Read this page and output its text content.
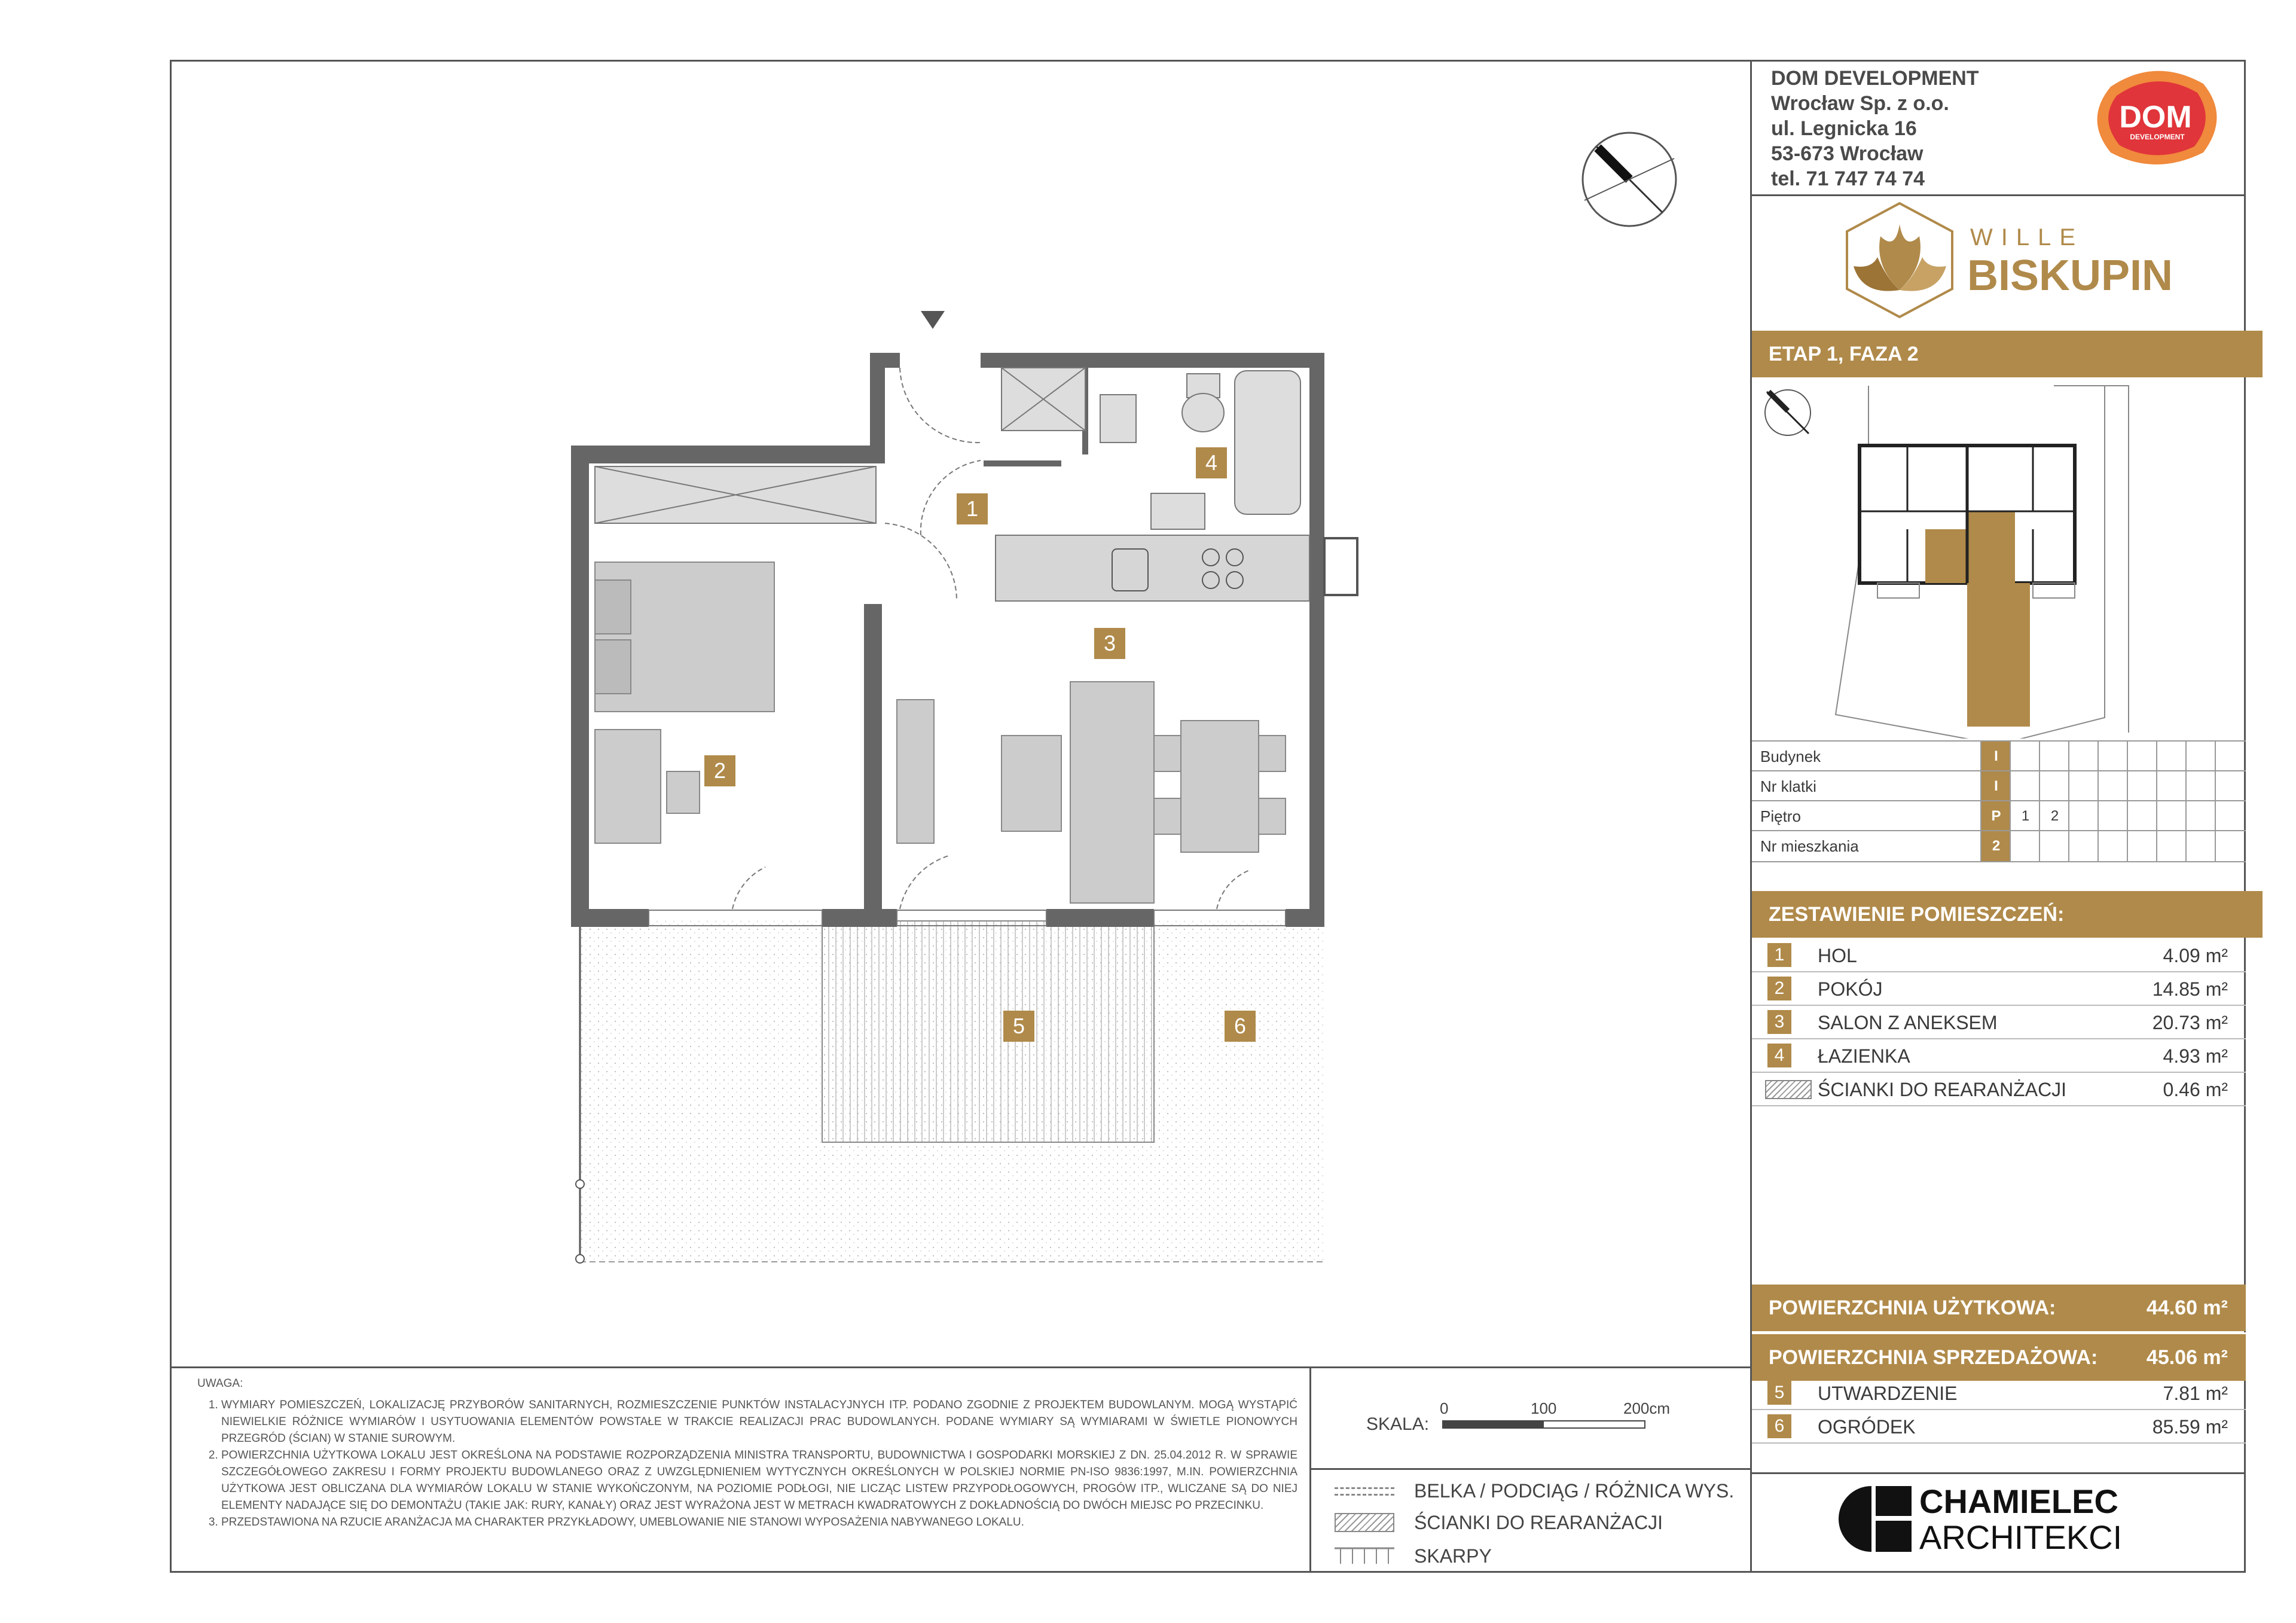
DOM DEVELOPMENT
Wrocław Sp. z o.o.
ul. Legnicka 16
53-673 Wrocław
tel. 71 747 74 74
DOM
DEVELOPMENT
WILLE
BISKUPIN
ETAP 1, FAZA 2
Budynek	I
Nr klatki	I
Piętro	P	1	2
Nr mieszkania	2
ZESTAWIENIE POMIESZCZEŃ:
1	HOL	4.09 m²
2	POKÓJ	14.85 m²
3	SALON Z ANEKSEM	20.73 m²
4	ŁAZIENKA	4.93 m²
ŚCIANKI DO REARANŻACJI	0.46 m²
POWIERZCHNIA UŻYTKOWA:	44.60 m²
POWIERZCHNIA SPRZEDAŻOWA: 45.06 m²
5	UTWARDZENIE	7.81 m²
6	OGRÓDEK	85.59 m²
CHAMIELEC
ARCHITEKCI
UWAGA:
1. WYMIARY POMIESZCZEŃ, LOKALIZACJĘ PRZYBORÓW SANITARNYCH, ROZMIESZCZENIE PUNKTÓW INSTALACYJNYCH ITP. PODANO ZGODNIE Z PROJEKTEM BUDOWLANYM. MOGĄ WYSTĄPIĆ NIEWIELKIE RÓŻNICE WYMIARÓW I USYTUOWANIA ELEMENTÓW POWSTAŁE W TRAKCIE REALIZACJI PRAC BUDOWLANYCH. PODANE WYMIARY SĄ WYMIARAMI W ŚWIETLE PIONOWYCH PRZEGRÓD (ŚCIAN) W STANIE SUROWYM.
2. POWIERZCHNIA UŻYTKOWA LOKALU JEST OKREŚLONA NA PODSTAWIE ROZPORZĄDZENIA MINISTRA TRANSPORTU, BUDOWNICTWA I GOSPODARKI MORSKIEJ Z DN. 25.04.2012 R. W SPRAWIE SZCZEGÓŁOWEGO ZAKRESU I FORMY PROJEKTU BUDOWLANEGO ORAZ Z UWZGLĘDNIENIEM WYTYCZNYCH OKREŚLONYCH W POLSKIEJ NORMIE PN-ISO 9836:1997, M.IN. POWIERZCHNIA UŻYTKOWA JEST OBLICZANA DLA WYMIARÓW LOKALU W STANIE WYKOŃCZONYM, NA POZIOMIE PODŁOGI, NIE LICZĄC LISTEW PRZYPODŁOGOWYCH, PROGÓW ITP., WLICZANE SĄ DO NIEJ ELEMENTY NADAJĄCE SIĘ DO DEMONTAŻU (TAKIE JAK: RURY, KANAŁY) ORAZ JEST WYRAŻONA JEST W METRACH KWADRATOWYCH Z DOKŁADNOŚCIĄ DO DWÓCH MIEJSC PO PRZECINKU.
3. PRZEDSTAWIONA NA RZUCIE ARANŻACJA MA CHARAKTER PRZYKŁADOWY, UMEBLOWANIE NIE STANOWI WYPOSAŻENIA NABYWANEGO LOKALU.
SKALA:
0	100	200cm
BELKA / PODCIĄG / RÓŻNICA WYS.
ŚCIANKI DO REARANŻACJI
SKARPY
1
2
3
4
5	6
